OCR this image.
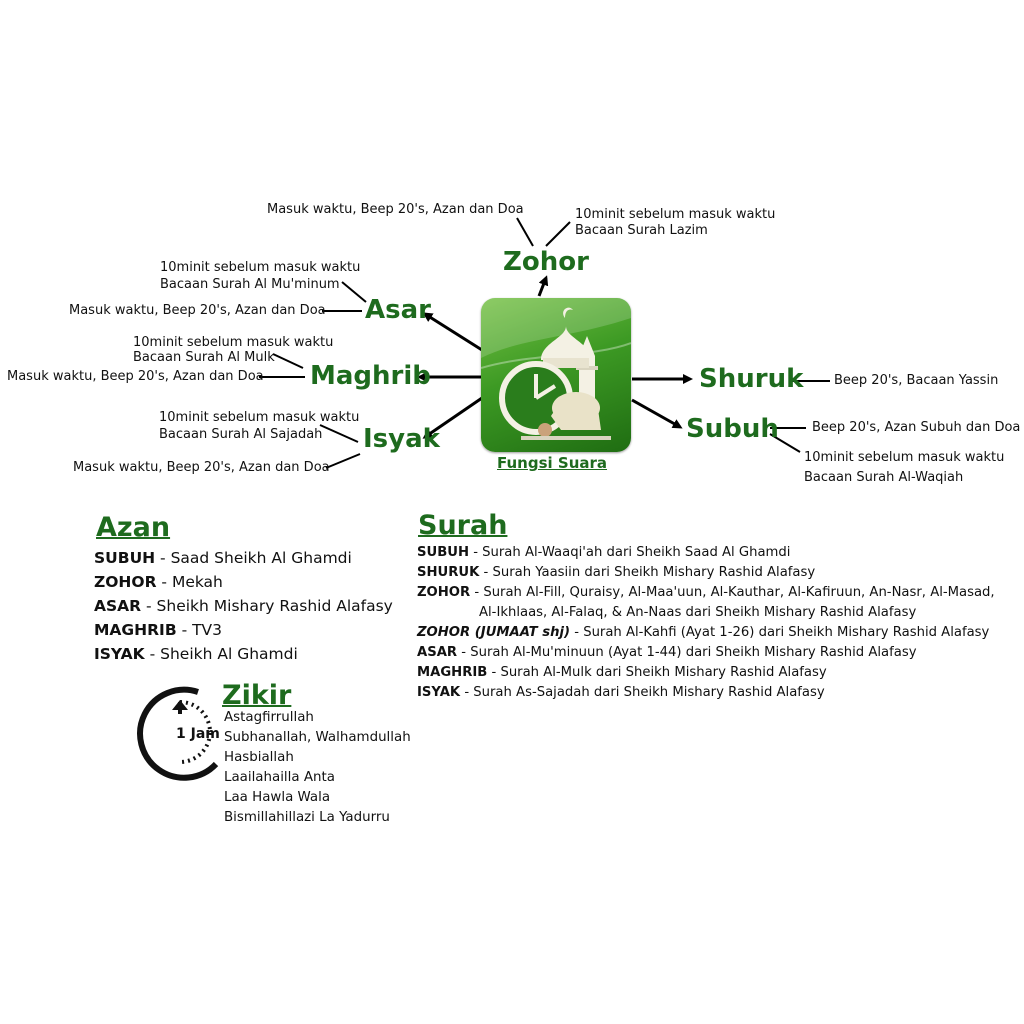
Fungsi Suara
Zohor
Masuk waktu, Beep 20's, Azan dan Doa	10minit sebelum masuk waktu
Bacaan Surah Lazim
Asar
10minit sebelum masuk waktu
Bacaan Surah Al Mu'minum
Masuk waktu, Beep 20's, Azan dan Doa
Maghrib
10minit sebelum masuk waktu
Bacaan Surah Al Mulk
Masuk waktu, Beep 20's, Azan dan Doa
Isyak
10minit sebelum masuk waktu
Bacaan Surah Al Sajadah
Masuk waktu, Beep 20's, Azan dan Doa
Shuruk Beep 20's, Bacaan Yassin
Subuh	Beep 20's, Azan Subuh dan Doa
10minit sebelum masuk waktu
Bacaan Surah Al-Waqiah
Azan
SUBUH - Saad Sheikh Al Ghamdi
ZOHOR - Mekah
ASAR - Sheikh Mishary Rashid Alafasy
MAGHRIB - TV3
ISYAK - Sheikh Al Ghamdi
Surah
SUBUH - Surah Al-Waaqi'ah dari Sheikh Saad Al Ghamdi
SHURUK - Surah Yaasiin dari Sheikh Mishary Rashid Alafasy
ZOHOR - Surah Al-Fill, Quraisy, Al-Maa'uun, Al-Kauthar, Al-Kafiruun, An-Nasr, Al-Masad,
Al-Ikhlaas, Al-Falaq, & An-Naas dari Sheikh Mishary Rashid Alafasy
ZOHOR (JUMAAT shj) - Surah Al-Kahfi (Ayat 1-26) dari Sheikh Mishary Rashid Alafasy
ASAR - Surah Al-Mu'minuun (Ayat 1-44) dari Sheikh Mishary Rashid Alafasy
MAGHRIB - Surah Al-Mulk dari Sheikh Mishary Rashid Alafasy
ISYAK - Surah As-Sajadah dari Sheikh Mishary Rashid Alafasy
1 Jam
Zikir
Astagfirrullah
Subhanallah, Walhamdullah
Hasbiallah
Laailahailla Anta
Laa Hawla Wala
Bismillahillazi La Yadurru
